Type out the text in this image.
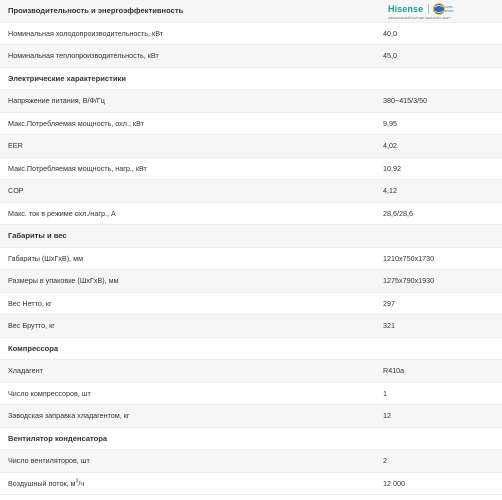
Производительность и энергоэффективность
Номинальная холодопроизводительность, кВт	40,0
Номинальная теплопроизводительность, кВт	45,0
Электрические характеристики
Напряжение питания, В/Ф/Гц	380~415/3/50
Макс.Потребляемая мощность, охл., кВт	9,95
EER	4,02
Макс.Потребляемая мощность, нагр., кВт	10,92
COP	4,12
Макс. ток в режиме охл./нагр., А	28,6/28,6
Габариты и вес
Габариты (ШхГхВ), мм	1210x750x1730
Размеры в упаковке (ШхГхВ), мм	1275x790x1930
Вес Нетто, кг	297
Вес Брутто, кг	321
Компрессора
Хладагент	R410a
Число компрессоров, шт	1
Заводская заправка хладагентом, кг	12
Вентилятор конденсатора
Число вентиляторов, шт	2
Воздушный поток, $м^3/ч$	12 000
Hisense	UEFA
EURO
ОФИЦИАЛЬНЫЙ ПАРТНЕР UEFA EURO 2020™
